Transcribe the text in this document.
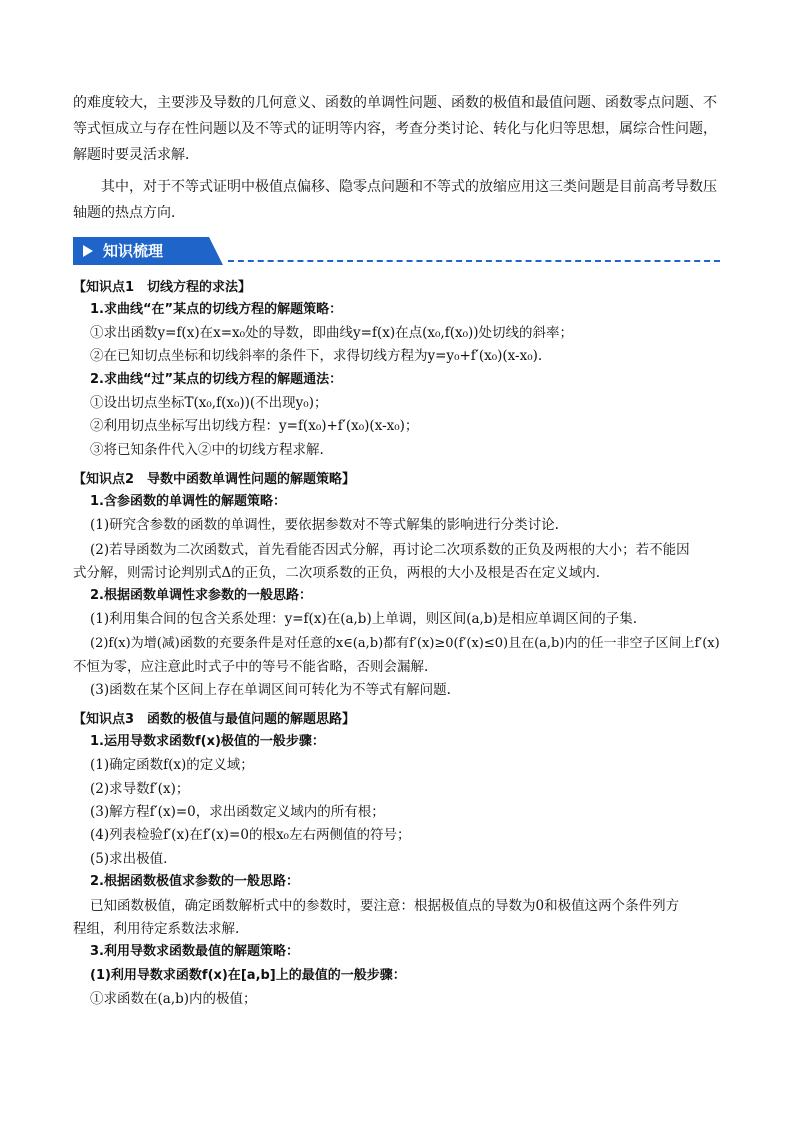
的难度较大，主要涉及导数的几何意义、函数的单调性问题、函数的极值和最值问题、函数零点问题、不等式恒成立与存在性问题以及不等式的证明等内容，考查分类讨论、转化与化归等思想，属综合性问题，解题时要灵活求解．

其中，对于不等式证明中极值点偏移、隐零点问题和不等式的放缩应用这三类问题是目前高考导数压轴题的热点方向．

知识梳理
【知识点1　切线方程的求法】
1.求曲线“在”某点的切线方程的解题策略：
①求出函数y=f(x)在x=x₀处的导数，即曲线y=f(x)在点(x₀,f(x₀))处切线的斜率；
②在已知切点坐标和切线斜率的条件下，求得切线方程为y=y₀+f′(x₀)(x-x₀).
2.求曲线“过”某点的切线方程的解题通法：
①设出切点坐标T(x₀,f(x₀))(不出现y₀)；
②利用切点坐标写出切线方程：y=f(x₀)+f′(x₀)(x-x₀)；
③将已知条件代入②中的切线方程求解.
【知识点2　导数中函数单调性问题的解题策略】
1.含参函数的单调性的解题策略：
(1)研究含参数的函数的单调性，要依据参数对不等式解集的影响进行分类讨论.
(2)若导函数为二次函数式，首先看能否因式分解，再讨论二次项系数的正负及两根的大小；若不能因
式分解，则需讨论判别式Δ的正负，二次项系数的正负，两根的大小及根是否在定义域内.
2.根据函数单调性求参数的一般思路：
(1)利用集合间的包含关系处理：y=f(x)在(a,b)上单调，则区间(a,b)是相应单调区间的子集.
(2)f(x)为增(减)函数的充要条件是对任意的x∈(a,b)都有f′(x)≥0(f′(x)≤0)且在(a,b)内的任一非空子区间上f′(x)
不恒为零，应注意此时式子中的等号不能省略，否则会漏解.
(3)函数在某个区间上存在单调区间可转化为不等式有解问题.
【知识点3　函数的极值与最值问题的解题思路】
1.运用导数求函数f(x)极值的一般步骤：
(1)确定函数f(x)的定义域；
(2)求导数f′(x)；
(3)解方程f′(x)=0，求出函数定义域内的所有根；
(4)列表检验f′(x)在f′(x)=0的根x₀左右两侧值的符号；
(5)求出极值.
2.根据函数极值求参数的一般思路：
已知函数极值，确定函数解析式中的参数时，要注意：根据极值点的导数为0和极值这两个条件列方
程组，利用待定系数法求解.
3.利用导数求函数最值的解题策略：
(1)利用导数求函数f(x)在[a,b]上的最值的一般步骤：
①求函数在(a,b)内的极值；
